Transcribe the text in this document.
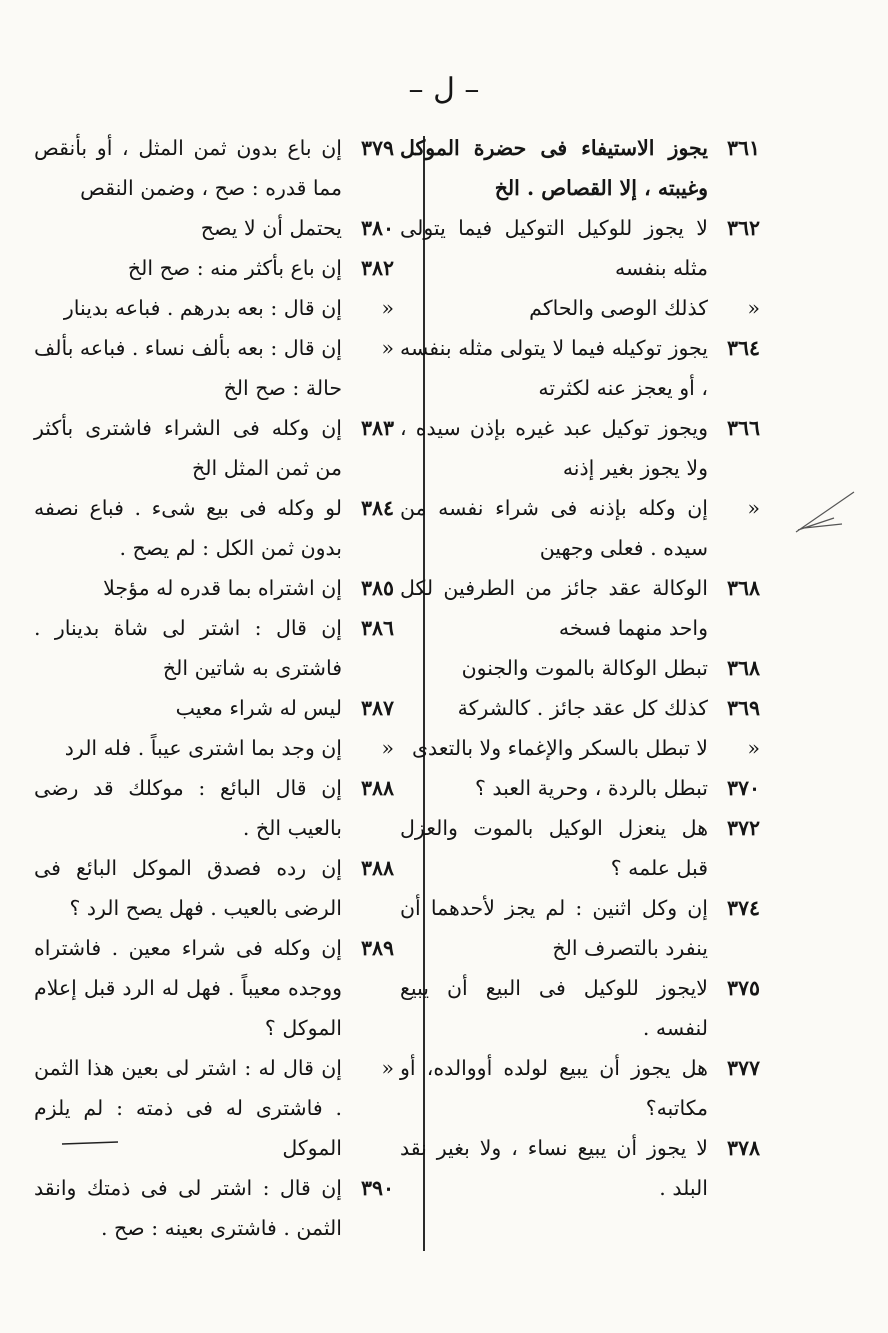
– ل –
٣٦١
يجوز الاستيفاء فى حضرة الموكل وغيبته ، إلا القصاص . الخ
٣٦٢
لا يجوز للوكيل التوكيل فيما يتولى مثله بنفسه
«
كذلك الوصى والحاكم
٣٦٤
يجوز توكيله فيما لا يتولى مثله بنفسه ، أو يعجز عنه لكثرته
٣٦٦
ويجوز توكيل عبد غيره بإذن سيده ، ولا يجوز بغير إذنه
«
إن وكله بإذنه فى شراء نفسه من سيده . فعلى وجهين
٣٦٨
الوكالة عقد جائز من الطرفين لكل واحد منهما فسخه
٣٦٨
تبطل الوكالة بالموت والجنون
٣٦٩
كذلك كل عقد جائز . كالشركة
«
لا تبطل بالسكر والإغماء ولا بالتعدى
٣٧٠
تبطل بالردة ، وحرية العبد ؟
٣٧٢
هل ينعزل الوكيل بالموت والعزل قبل علمه ؟
٣٧٤
إن وكل اثنين : لم يجز لأحدهما أن ينفرد بالتصرف الخ
٣٧٥
لايجوز للوكيل فى البيع أن يبيع لنفسه .
٣٧٧
هل يجوز أن يبيع لولده أووالده، أو مكاتبه؟
٣٧٨
لا يجوز أن يبيع نساء ، ولا بغير نقد البلد .
٣٧٩
إن باع بدون ثمن المثل ، أو بأنقص مما قدره : صح ، وضمن النقص
٣٨٠
يحتمل أن لا يصح
٣٨٢
إن باع بأكثر منه : صح الخ
«
إن قال : بعه بدرهم . فباعه بدينار
«
إن قال : بعه بألف نساء . فباعه بألف حالة : صح الخ
٣٨٣
إن وكله فى الشراء فاشترى بأكثر من ثمن المثل الخ
٣٨٤
لو وكله فى بيع شىء . فباع نصفه بدون ثمن الكل : لم يصح .
٣٨٥
إن اشتراه بما قدره له مؤجلا
٣٨٦
إن قال : اشتر لى شاة بدينار . فاشترى به شاتين الخ
٣٨٧
ليس له شراء معيب
«
إن وجد بما اشترى عيباً . فله الرد
٣٨٨
إن قال البائع : موكلك قد رضى بالعيب الخ .
٣٨٨
إن رده فصدق الموكل البائع فى الرضى بالعيب . فهل يصح الرد ؟
٣٨٩
إن وكله فى شراء معين . فاشتراه ووجده معيباً . فهل له الرد قبل إعلام الموكل ؟
«
إن قال له : اشتر لى بعين هذا الثمن . فاشترى له فى ذمته : لم يلزم الموكل
٣٩٠
إن قال : اشتر لى فى ذمتك وانقد الثمن . فاشترى بعينه : صح .
